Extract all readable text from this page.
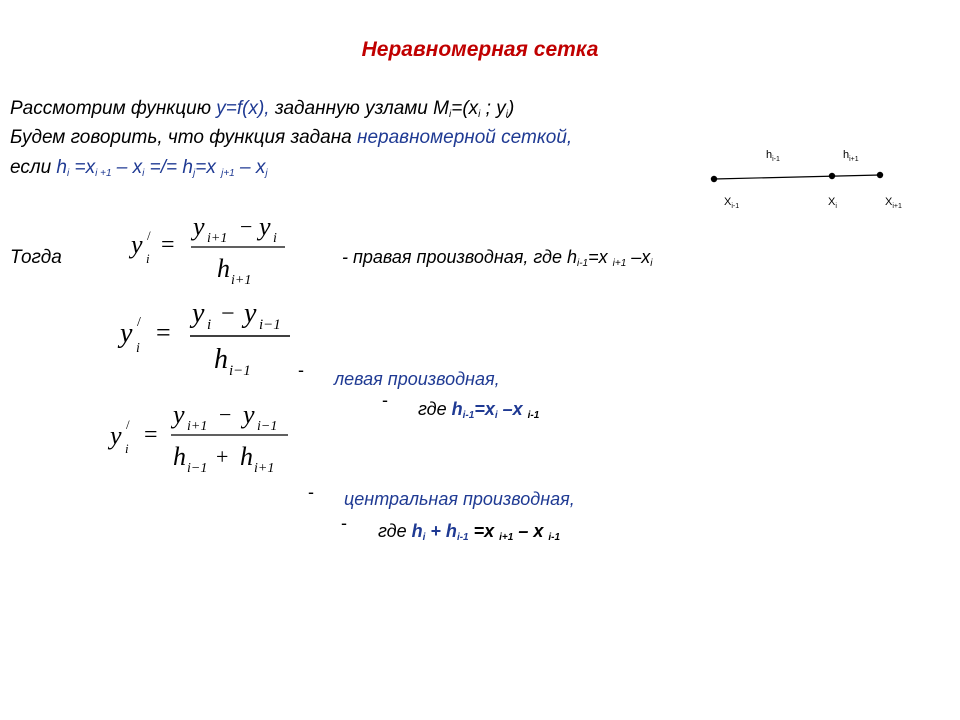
Неравномерная сетка
Рассмотрим функцию y=f(x), заданную узлами $M_i=(x_i$ ; $y_i$)
Будем говорить, что функция задана неравномерной сеткой,
если $h_i =x_{i +1} - x_i$ =/= $h_j=x$ $_{j+1} - x_j$
$h_{i-1}$	$h_{i+1}$
$X_{i-1}$	$X_i$	$X_{i+1}$
Тогда	y /
i
=
y i+1 − y i
h i+1
- правая производная, где $h_{i-1}=x$ $_{i+1}$ $-x_i$
y /
i
=
y i − y i−1
h i−1	- левая производная,
- где $h_{i-1}=x_i$ –x $_{i-1}$
y /
i
=
y i+1 − y i−1
h i−1 + h i+1
- центральная производная,
- где $h_i + h_{i-1} =x$ $_{i+1}$ – x $_{i-1}$
